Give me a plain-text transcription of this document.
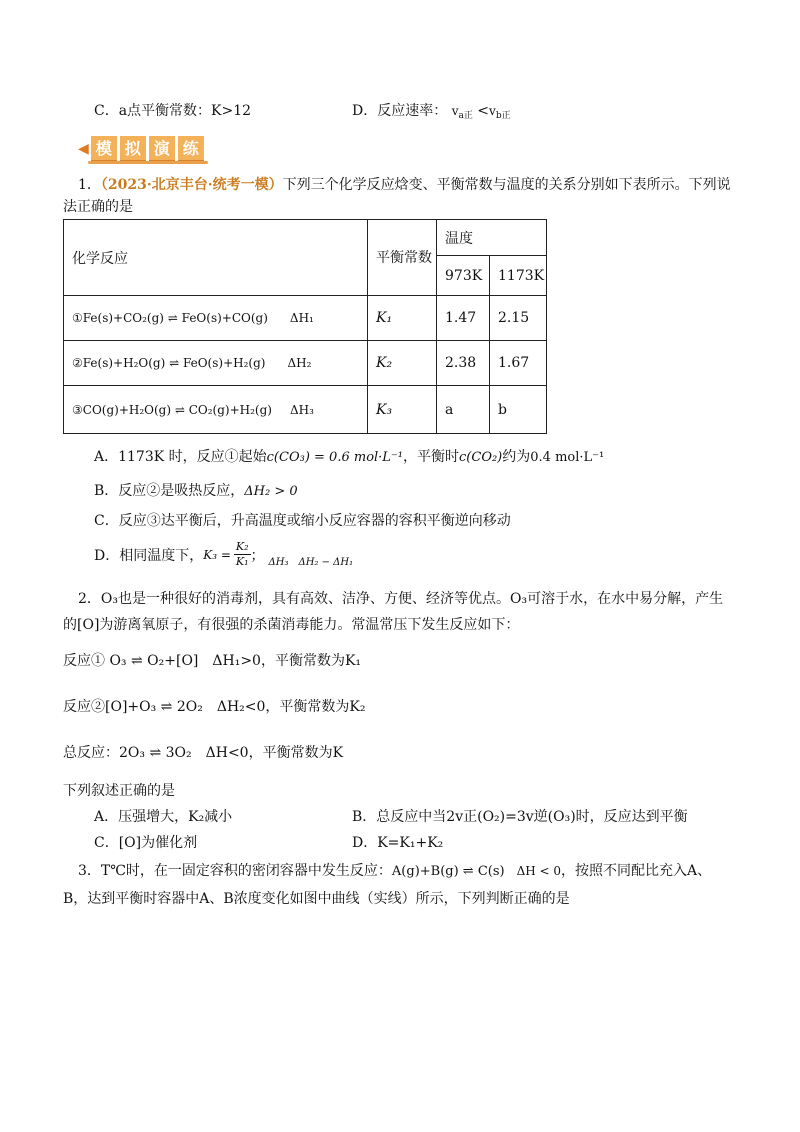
C．a点平衡常数：K>12	D．反应速率： $v_{a正} <v_{b正}$
◀︎ 模 拟 演 练
1．（2023·北京丰台·统考一模）下列三个化学反应焓变、平衡常数与温度的关系分别如下表所示。下列说
法正确的是
化学反应	平衡常数	温度	
		973K	1173K
①Fe(s)+CO₂(g) ⇌ FeO(s)+CO(g) ΔH₁	K₁	1.47	2.15
②Fe(s)+H₂O(g) ⇌ FeO(s)+H₂(g) ΔH₂	K₂	2.38	1.67
③CO(g)+H₂O(g) ⇌ CO₂(g)+H₂(g) ΔH₃	K₃	a	b
A．1173K 时，反应①起始c(CO₃) = 0.6 mol·L⁻¹，平衡时c(CO₂)约为0.4 mol·L⁻¹
B．反应②是吸热反应，ΔH₂ > 0
C．反应③达平衡后，升高温度或缩小反应容器的容积平衡逆向移动
D．相同温度下， $K_3 = \frac{\text{K₂}}{\text{K₁}}$ ； ΔH₃ ΔH₂ − ΔH₁
2．O₃也是一种很好的消毒剂，具有高效、洁净、方便、经济等优点。O₃可溶于水，在水中易分解，产生
的[O]为游离氧原子，有很强的杀菌消毒能力。常温常压下发生反应如下：
反应① O₃ ⇌ O₂+[O]　ΔH₁>0，平衡常数为K₁
反应②[O]+O₃ ⇌ 2O₂　ΔH₂<0，平衡常数为K₂
总反应：2O₃ ⇌ 3O₂　ΔH<0，平衡常数为K
下列叙述正确的是
A．压强增大，K₂减小	B．总反应中当2v正(O₂)=3v逆(O₃)时，反应达到平衡
C．[O]为催化剂	D．K=K₁+K₂
3．T℃时，在一固定容积的密闭容器中发生反应：A(g)+B(g) ⇌ C(s) ΔH < 0，按照不同配比充入A、
B，达到平衡时容器中A、B浓度变化如图中曲线（实线）所示，下列判断正确的是
